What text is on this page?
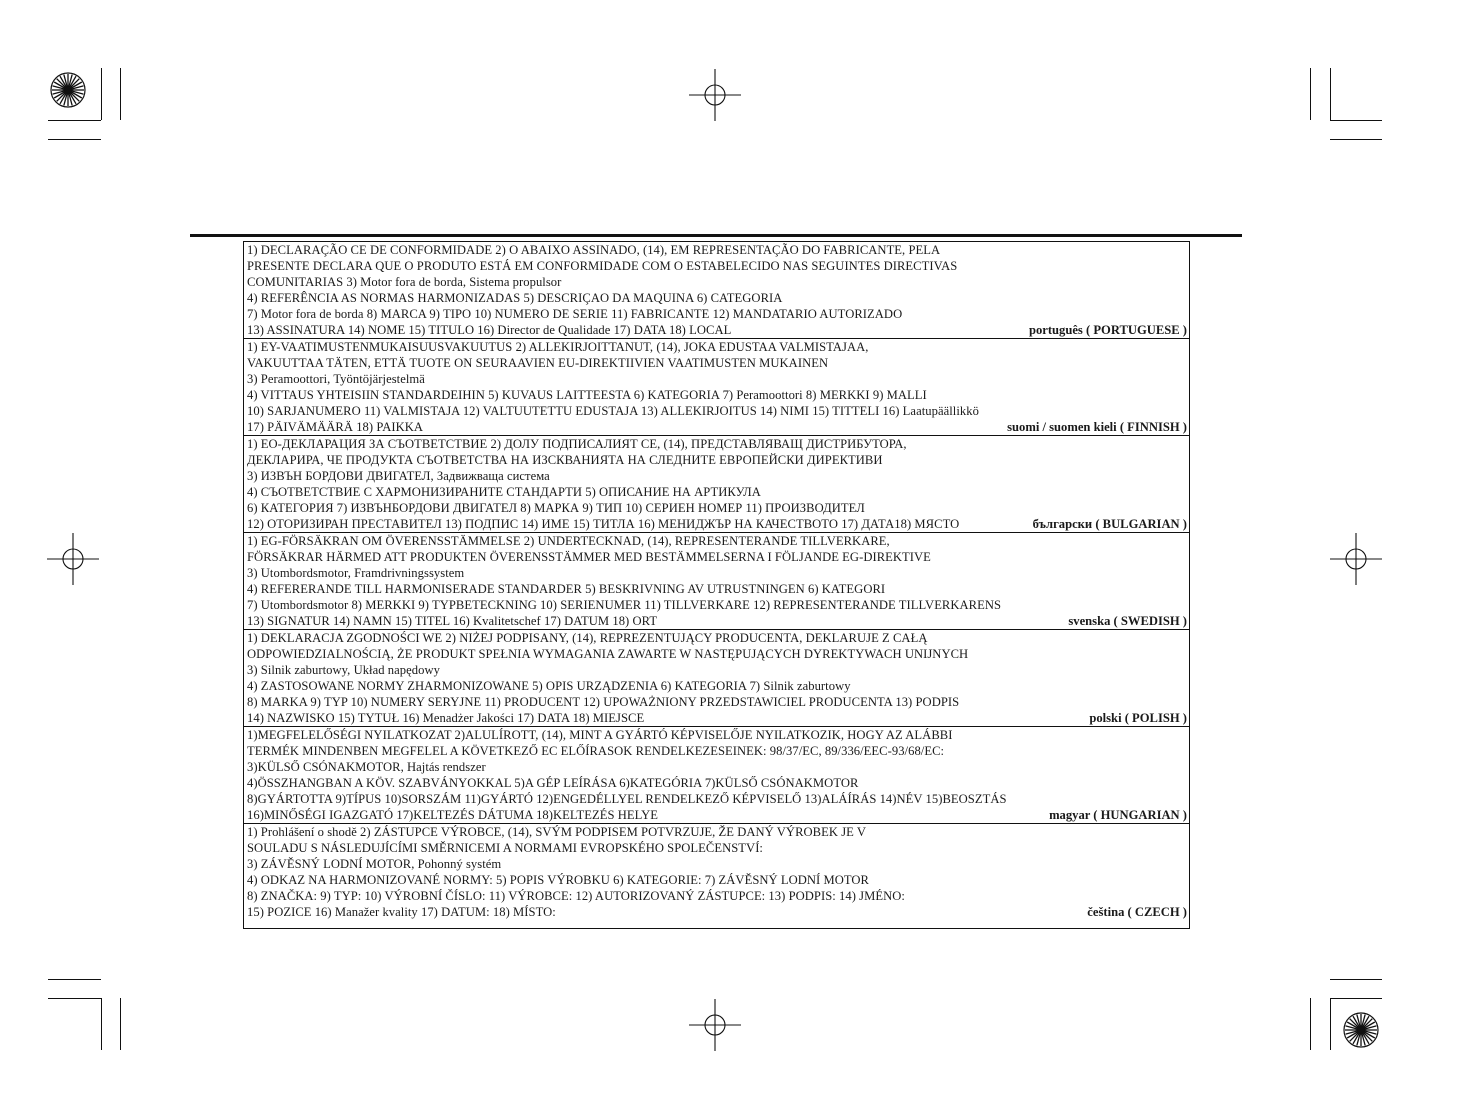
1) DECLARAÇÃO CE DE CONFORMIDADE 2) O ABAIXO ASSINADO, (14), EM REPRESENTAÇÃO DO FABRICANTE, PELA
PRESENTE DECLARA QUE O PRODUTO ESTÁ EM CONFORMIDADE COM O ESTABELECIDO NAS SEGUINTES DIRECTIVAS
COMUNITARIAS 3) Motor fora de borda, Sistema propulsor
4) REFERÊNCIA AS NORMAS HARMONIZADAS 5) DESCRIÇAO DA MAQUINA 6) CATEGORIA
7) Motor fora de borda 8) MARCA 9) TIPO 10) NUMERO DE SERIE 11) FABRICANTE 12) MANDATARIO AUTORIZADO
13) ASSINATURA 14) NOME 15) TITULO 16) Director de Qualidade 17) DATA 18) LOCAL	português ( PORTUGUESE )
1) EY-VAATIMUSTENMUKAISUUSVAKUUTUS 2) ALLEKIRJOITTANUT, (14), JOKA EDUSTAA VALMISTAJAA,
VAKUUTTAA TÄTEN, ETTÄ TUOTE ON SEURAAVIEN EU-DIREKTIIVIEN VAATIMUSTEN MUKAINEN
3) Peramoottori, Työntöjärjestelmä
4) VITTAUS YHTEISIIN STANDARDEIHIN 5) KUVAUS LAITTEESTA 6) KATEGORIA 7) Peramoottori 8) MERKKI 9) MALLI
10) SARJANUMERO 11) VALMISTAJA 12) VALTUUTETTU EDUSTAJA 13) ALLEKIRJOITUS 14) NIMI 15) TITTELI 16) Laatupäällikkö
17) PÄIVÄMÄÄRÄ 18) PAIKKA	suomi / suomen kieli ( FINNISH )
1) ЕО-ДЕКЛАРАЦИЯ ЗА СЪОТВЕТСТВИЕ 2) ДОЛУ ПОДПИСАЛИЯТ СЕ, (14), ПРЕДСТАВЛЯВАЩ ДИСТРИБУТОРА,
ДЕКЛАРИРА, ЧЕ ПРОДУКТА СЪОТВЕТСТВА НА ИЗСКВАНИЯТА НА СЛЕДНИТЕ ЕВРОПЕЙСКИ ДИРЕКТИВИ
3) ИЗВЪН БОРДОВИ ДВИГАТЕЛ, Задвижваща система
4) СЪОТВЕТСТВИЕ С ХАРМОНИЗИРАНИТЕ СТАНДАРТИ 5) ОПИСАНИЕ НА АРТИКУЛА
6) КАТЕГОРИЯ 7) ИЗВЪНБОРДОВИ ДВИГАТЕЛ 8) МАРКА 9) ТИП 10) СЕРИЕН НОМЕР 11) ПРОИЗВОДИТЕЛ
12) ОТОРИЗИРАН ПРЕСТАВИТЕЛ 13) ПОДПИС 14) ИМЕ 15) ТИТЛА 16) МЕНИДЖЪР НА КАЧЕСТВОТО 17) ДАТА18) МЯСТО	български ( BULGARIAN )
1) EG-FÖRSÄKRAN OM ÖVERENSSTÄMMELSE 2) UNDERTECKNAD, (14), REPRESENTERANDE TILLVERKARE,
FÖRSÄKRAR HÄRMED ATT PRODUKTEN ÖVERENSSTÄMMER MED BESTÄMMELSERNA I FÖLJANDE EG-DIREKTIVE
3) Utombordsmotor, Framdrivningssystem
4) REFERERANDE TILL HARMONISERADE STANDARDER 5) BESKRIVNING AV UTRUSTNINGEN 6) KATEGORI
7) Utombordsmotor 8) MERKKI 9) TYPBETECKNING 10) SERIENUMER 11) TILLVERKARE 12) REPRESENTERANDE TILLVERKARENS
13) SIGNATUR 14) NAMN 15) TITEL 16) Kvalitetschef 17) DATUM 18) ORT	svenska ( SWEDISH )
1) DEKLARACJA ZGODNOŚCI WE 2) NIŻEJ PODPISANY, (14), REPREZENTUJĄCY PRODUCENTA, DEKLARUJE Z CAŁĄ
ODPOWIEDZIALNOŚCIĄ, ŻE PRODUKT SPEŁNIA WYMAGANIA ZAWARTE W NASTĘPUJĄCYCH DYREKTYWACH UNIJNYCH
3) Silnik zaburtowy, Układ napędowy
4) ZASTOSOWANE NORMY ZHARMONIZOWANE 5) OPIS URZĄDZENIA 6) KATEGORIA 7) Silnik zaburtowy
8) MARKA 9) TYP 10) NUMERY SERYJNE 11) PRODUCENT 12) UPOWAŻNIONY PRZEDSTAWICIEL PRODUCENTA 13) PODPIS
14) NAZWISKO 15) TYTUŁ 16) Menadżer Jakości 17) DATA 18) MIEJSCE	polski ( POLISH )
1)MEGFELELŐSÉGI NYILATKOZAT 2)ALULÍROTT, (14), MINT A GYÁRTÓ KÉPVISELŐJE NYILATKOZIK, HOGY AZ ALÁBBI
TERMÉK MINDENBEN MEGFELEL A KÖVETKEZŐ EC ELŐÍRASOK RENDELKEZESEINEK: 98/37/EC, 89/336/EEC-93/68/EC:
3)KÜLSŐ CSÓNAKMOTOR, Hajtás rendszer
4)ÖSSZHANGBAN A KÖV. SZABVÁNYOKKAL 5)A GÉP LEÍRÁSA 6)KATEGÓRIA 7)KÜLSŐ CSÓNAKMOTOR
8)GYÁRTOTTA 9)TÍPUS 10)SORSZÁM 11)GYÁRTÓ 12)ENGEDÉLLYEL RENDELKEZŐ KÉPVISELŐ 13)ALÁÍRÁS 14)NÉV 15)BEOSZTÁS
16)MINŐSÉGI IGAZGATÓ 17)KELTEZÉS DÁTUMA 18)KELTEZÉS HELYE	magyar ( HUNGARIAN )
1) Prohlášení o shodě 2) ZÁSTUPCE VÝROBCE, (14), SVÝM PODPISEM POTVRZUJE, ŽE DANÝ VÝROBEK JE V
SOULADU S NÁSLEDUJÍCÍMI SMĚRNICEMI A NORMAMI EVROPSKÉHO SPOLEČENSTVÍ:
3) ZÁVĚSNÝ LODNÍ MOTOR, Pohonný systém
4) ODKAZ NA HARMONIZOVANÉ NORMY: 5) POPIS VÝROBKU 6) KATEGORIE: 7) ZÁVĚSNÝ LODNÍ MOTOR
8) ZNAČKA: 9) TYP: 10) VÝROBNÍ ČÍSLO: 11) VÝROBCE: 12) AUTORIZOVANÝ ZÁSTUPCE: 13) PODPIS: 14) JMÉNO:
15) POZICE 16) Manažer kvality 17) DATUM: 18) MÍSTO:	čeština ( CZECH )
